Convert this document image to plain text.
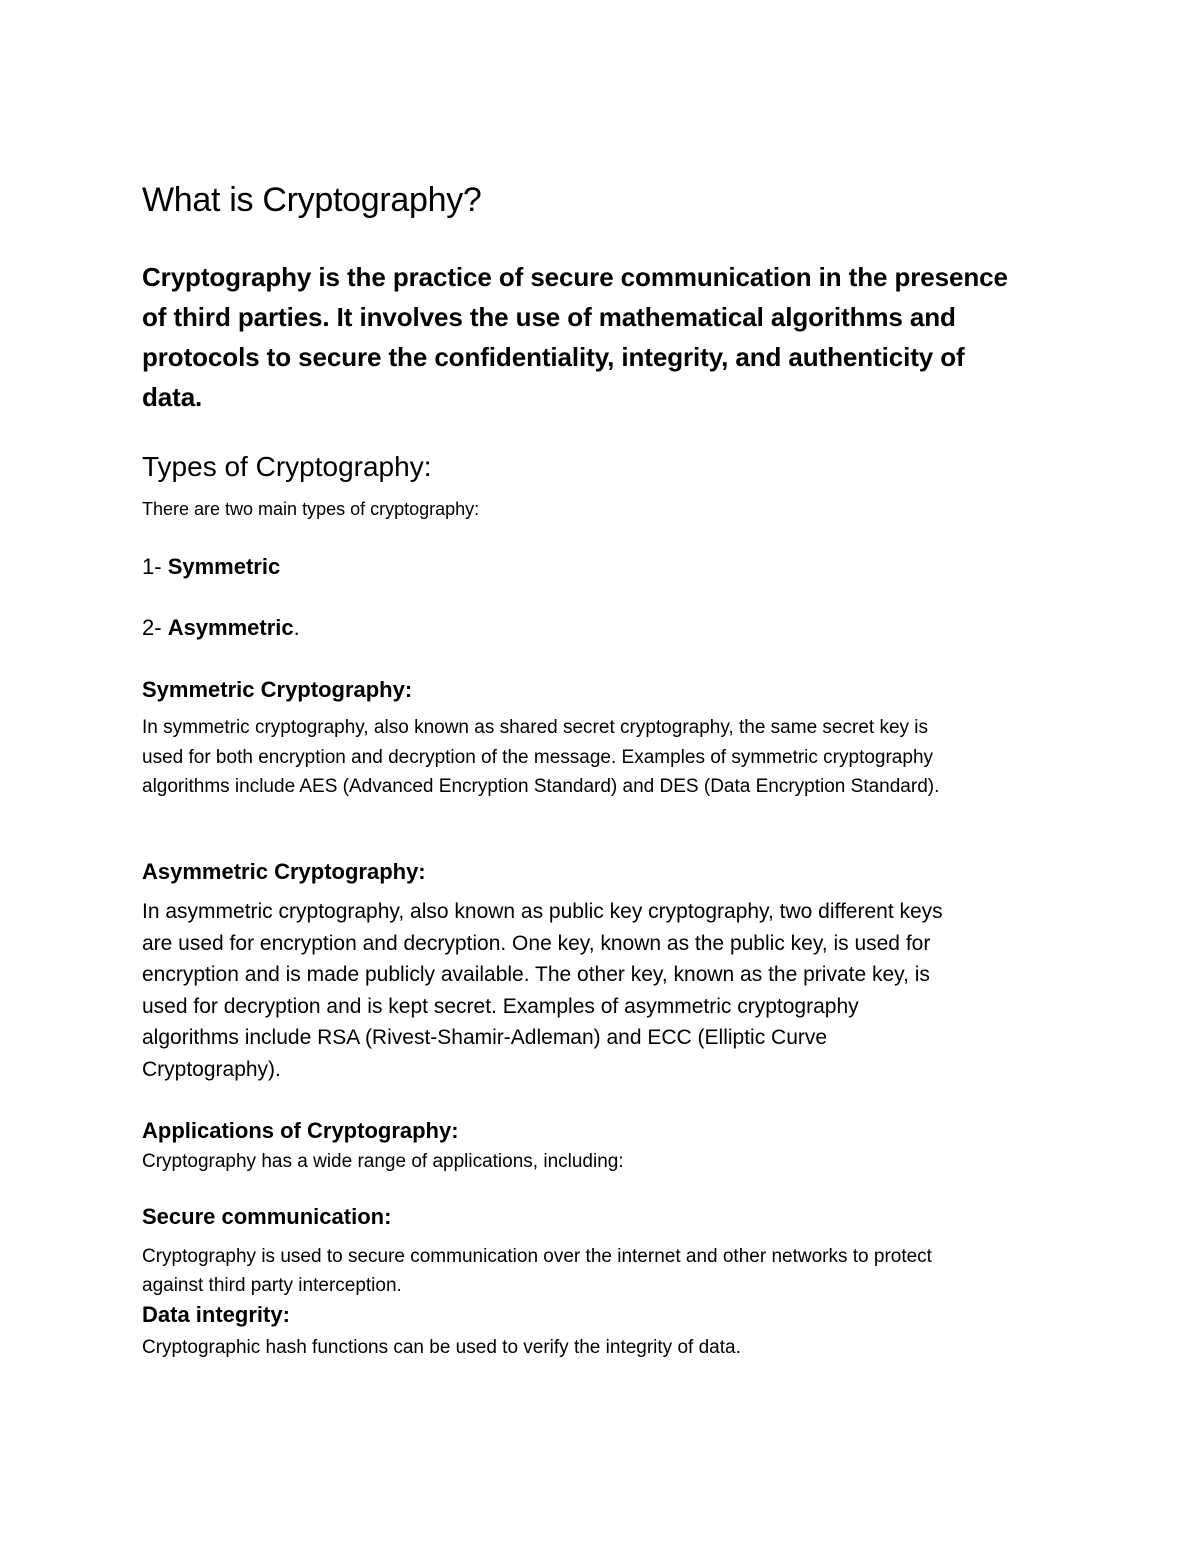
What is Cryptography?
Cryptography is the practice of secure communication in the presence
of third parties. It involves the use of mathematical algorithms and
protocols to secure the confidentiality, integrity, and authenticity of
data.
Types of Cryptography:

There are two main types of cryptography:

1- Symmetric

2- Asymmetric.

Symmetric Cryptography:
In symmetric cryptography, also known as shared secret cryptography, the same secret key is
used for both encryption and decryption of the message. Examples of symmetric cryptography
algorithms include AES (Advanced Encryption Standard) and DES (Data Encryption Standard).
Asymmetric Cryptography:
In asymmetric cryptography, also known as public key cryptography, two different keys
are used for encryption and decryption. One key, known as the public key, is used for
encryption and is made publicly available. The other key, known as the private key, is
used for decryption and is kept secret. Examples of asymmetric cryptography
algorithms include RSA (Rivest-Shamir-Adleman) and ECC (Elliptic Curve
Cryptography).
Applications of Cryptography:

Cryptography has a wide range of applications, including:

Secure communication:
Cryptography is used to secure communication over the internet and other networks to protect
against third party interception.
Data integrity:

Cryptographic hash functions can be used to verify the integrity of data.
